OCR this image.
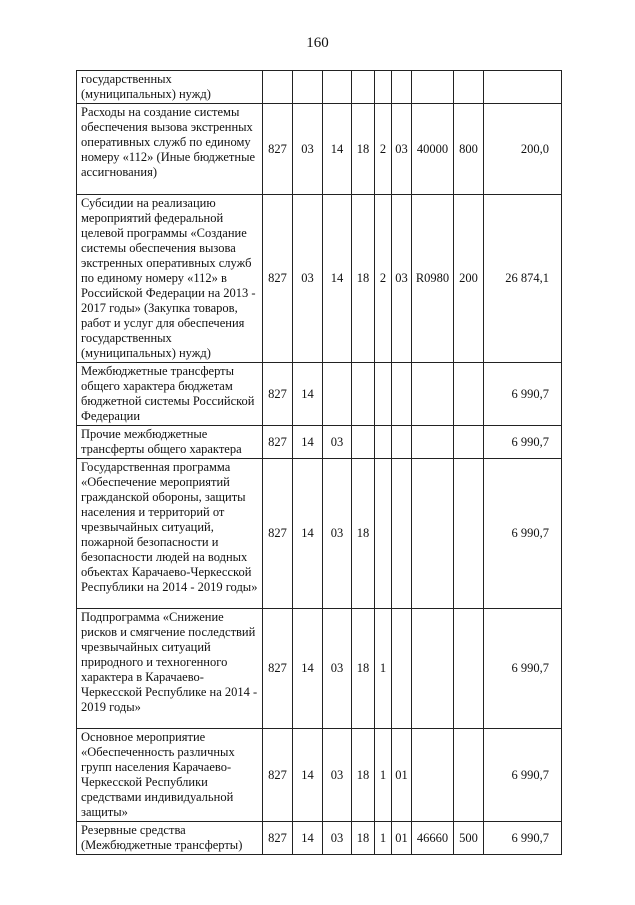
160
государственных (муниципальных) нужд)									
Расходы на создание системы обеспечения вызова экстренных оперативных служб по единому номеру «112» (Иные бюджетные ассигнования)	827	03	14	18	2	03	40000	800	200,0
Субсидии на реализацию мероприятий федеральной целевой программы «Создание системы обеспечения вызова экстренных оперативных служб по единому номеру «112» в Российской Федерации на 2013 - 2017 годы» (Закупка товаров, работ и услуг для обеспечения государственных (муниципальных) нужд)	827	03	14	18	2	03	R0980	200	26 874,1
Межбюджетные трансферты общего характера бюджетам бюджетной системы Российской Федерации	827	14							6 990,7
Прочие межбюджетные трансферты общего характера	827	14	03						6 990,7
Государственная программа «Обеспечение мероприятий гражданской обороны, защиты населения и территорий от чрезвычайных ситуаций, пожарной безопасности и безопасности людей на водных объектах Карачаево-Черкесской Республики на 2014 - 2019 годы»	827	14	03	18					6 990,7
Подпрограмма «Снижение рисков и смягчение последствий чрезвычайных ситуаций природного и техногенного характера в Карачаево-Черкесской Республике на 2014 - 2019 годы»	827	14	03	18	1				6 990,7
Основное мероприятие «Обеспеченность различных групп населения Карачаево-Черкесской Республики средствами индивидуальной защиты»	827	14	03	18	1	01			6 990,7
Резервные средства (Межбюджетные трансферты)	827	14	03	18	1	01	46660	500	6 990,7
